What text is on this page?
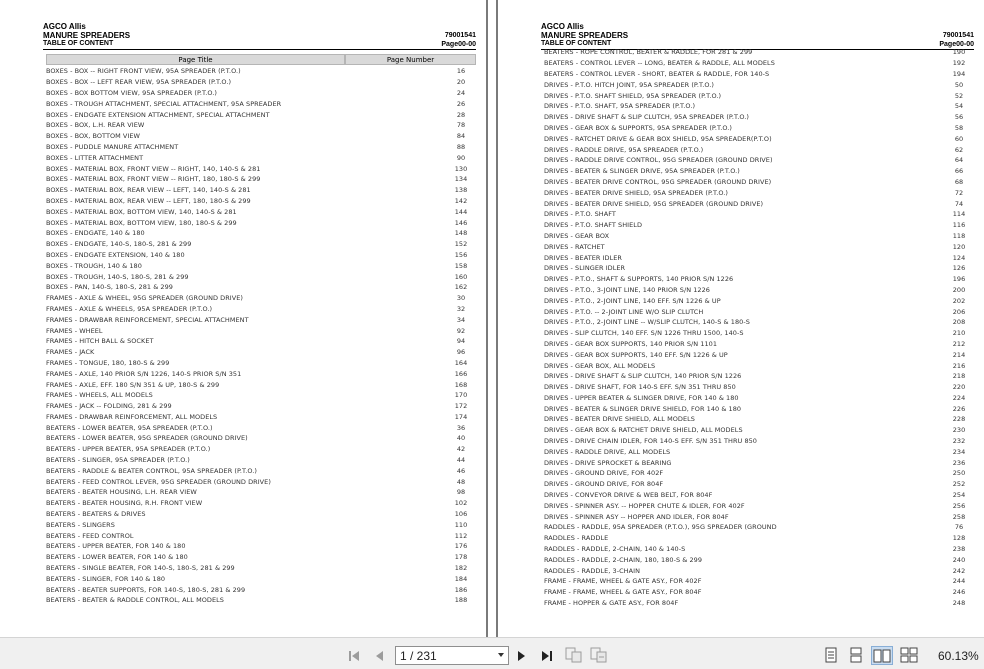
AGCO Allis
MANURE SPREADERS
TABLE OF CONTENT
79001541
Page00-00
Page Title	Page Number
BOXES - BOX -- RIGHT FRONT VIEW, 95A SPREADER (P.T.O.)	16
BOXES - BOX -- LEFT REAR VIEW, 95A SPREADER (P.T.O.)	20
BOXES - BOX BOTTOM VIEW, 95A SPREADER (P.T.O.)	24
BOXES - TROUGH ATTACHMENT, SPECIAL ATTACHMENT, 95A SPREADER	26
BOXES - ENDGATE EXTENSION ATTACHMENT, SPECIAL ATTACHMENT	28
BOXES - BOX, L.H. REAR VIEW	78
BOXES - BOX, BOTTOM VIEW	84
BOXES - PUDDLE MANURE ATTACHMENT	88
BOXES - LITTER ATTACHMENT	90
BOXES - MATERIAL BOX, FRONT VIEW -- RIGHT, 140, 140-S & 281	130
BOXES - MATERIAL BOX, FRONT VIEW -- RIGHT, 180, 180-S & 299	134
BOXES - MATERIAL BOX, REAR VIEW -- LEFT, 140, 140-S & 281	138
BOXES - MATERIAL BOX, REAR VIEW -- LEFT, 180, 180-S & 299	142
BOXES - MATERIAL BOX, BOTTOM VIEW, 140, 140-S & 281	144
BOXES - MATERIAL BOX, BOTTOM VIEW, 180, 180-S & 299	146
BOXES - ENDGATE, 140 & 180	148
BOXES - ENDGATE, 140-S, 180-S, 281 & 299	152
BOXES - ENDGATE EXTENSION, 140 & 180	156
BOXES - TROUGH, 140 & 180	158
BOXES - TROUGH, 140-S, 180-S, 281 & 299	160
BOXES - PAN, 140-S, 180-S, 281 & 299	162
FRAMES - AXLE & WHEEL, 95G SPREADER (GROUND DRIVE)	30
FRAMES - AXLE & WHEELS, 95A SPREADER (P.T.O.)	32
FRAMES - DRAWBAR REINFORCEMENT, SPECIAL ATTACHMENT	34
FRAMES - WHEEL	92
FRAMES - HITCH BALL & SOCKET	94
FRAMES - JACK	96
FRAMES - TONGUE, 180, 180-S & 299	164
FRAMES - AXLE, 140 PRIOR S/N 1226, 140-S PRIOR S/N 351	166
FRAMES - AXLE, EFF. 180 S/N 351 & UP, 180-S & 299	168
FRAMES - WHEELS, ALL MODELS	170
FRAMES - JACK -- FOLDING, 281 & 299	172
FRAMES - DRAWBAR REINFORCEMENT, ALL MODELS	174
BEATERS - LOWER BEATER, 95A SPREADER (P.T.O.)	36
BEATERS - LOWER BEATER, 95G SPREADER (GROUND DRIVE)	40
BEATERS - UPPER BEATER, 95A SPREADER (P.T.O.)	42
BEATERS - SLINGER, 95A SPREADER (P.T.O.)	44
BEATERS - RADDLE & BEATER CONTROL, 95A SPREADER (P.T.O.)	46
BEATERS - FEED CONTROL LEVER, 95G SPREADER (GROUND DRIVE)	48
BEATERS - BEATER HOUSING, L.H. REAR VIEW	98
BEATERS - BEATER HOUSING, R.H. FRONT VIEW	102
BEATERS - BEATERS & DRIVES	106
BEATERS - SLINGERS	110
BEATERS - FEED CONTROL	112
BEATERS - UPPER BEATER, FOR 140 & 180	176
BEATERS - LOWER BEATER, FOR 140 & 180	178
BEATERS - SINGLE BEATER, FOR 140-S, 180-S, 281 & 299	182
BEATERS - SLINGER, FOR 140 & 180	184
BEATERS - BEATER SUPPORTS, FOR 140-S, 180-S, 281 & 299	186
BEATERS - BEATER & RADDLE CONTROL, ALL MODELS	188
AGCO Allis
MANURE SPREADERS
TABLE OF CONTENT
79001541
Page00-00
BEATERS - ROPE CONTROL, BEATER & RADDLE, FOR 281 & 299	190
BEATERS - CONTROL LEVER -- LONG, BEATER & RADDLE, ALL MODELS	192
BEATERS - CONTROL LEVER - SHORT, BEATER & RADDLE, FOR 140-S	194
DRIVES - P.T.O. HITCH JOINT, 95A SPREADER (P.T.O.)	50
DRIVES - P.T.O. SHAFT SHIELD, 95A SPREADER (P.T.O.)	52
DRIVES - P.T.O. SHAFT, 95A SPREADER (P.T.O.)	54
DRIVES - DRIVE SHAFT & SLIP CLUTCH, 95A SPREADER (P.T.O.)	56
DRIVES - GEAR BOX & SUPPORTS, 95A SPREADER (P.T.O.)	58
DRIVES - RATCHET DRIVE & GEAR BOX SHIELD, 95A SPREADER(P.T.O)	60
DRIVES - RADDLE DRIVE, 95A SPREADER (P.T.O.)	62
DRIVES - RADDLE DRIVE CONTROL, 95G SPREADER (GROUND DRIVE)	64
DRIVES - BEATER & SLINGER DRIVE, 95A SPREADER (P.T.O.)	66
DRIVES - BEATER DRIVE CONTROL, 95G SPREADER (GROUND DRIVE)	68
DRIVES - BEATER DRIVE SHIELD, 95A SPREADER (P.T.O.)	72
DRIVES - BEATER DRIVE SHIELD, 95G SPREADER (GROUND DRIVE)	74
DRIVES - P.T.O. SHAFT	114
DRIVES - P.T.O. SHAFT SHIELD	116
DRIVES - GEAR BOX	118
DRIVES - RATCHET	120
DRIVES - BEATER IDLER	124
DRIVES - SLINGER IDLER	126
DRIVES - P.T.O., SHAFT & SUPPORTS, 140 PRIOR S/N 1226	196
DRIVES - P.T.O., 3-JOINT LINE, 140 PRIOR S/N 1226	200
DRIVES - P.T.O., 2-JOINT LINE, 140 EFF. S/N 1226 & UP	202
DRIVES - P.T.O. -- 2-JOINT LINE W/O SLIP CLUTCH	206
DRIVES - P.T.O., 2-JOINT LINE -- W/SLIP CLUTCH, 140-S & 180-S	208
DRIVES - SLIP CLUTCH, 140 EFF. S/N 1226 THRU 1500, 140-S	210
DRIVES - GEAR BOX SUPPORTS, 140 PRIOR S/N 1101	212
DRIVES - GEAR BOX SUPPORTS, 140 EFF. S/N 1226 & UP	214
DRIVES - GEAR BOX, ALL MODELS	216
DRIVES - DRIVE SHAFT & SLIP CLUTCH, 140 PRIOR S/N 1226	218
DRIVES - DRIVE SHAFT, FOR 140-S EFF. S/N 351 THRU 850	220
DRIVES - UPPER BEATER & SLINGER DRIVE, FOR 140 & 180	224
DRIVES - BEATER & SLINGER DRIVE SHIELD, FOR 140 & 180	226
DRIVES - BEATER DRIVE SHIELD, ALL MODELS	228
DRIVES - GEAR BOX & RATCHET DRIVE SHIELD, ALL MODELS	230
DRIVES - DRIVE CHAIN IDLER, FOR 140-S EFF. S/N 351 THRU 850	232
DRIVES - RADDLE DRIVE, ALL MODELS	234
DRIVES - DRIVE SPROCKET & BEARING	236
DRIVES - GROUND DRIVE, FOR 402F	250
DRIVES - GROUND DRIVE, FOR 804F	252
DRIVES - CONVEYOR DRIVE & WEB BELT, FOR 804F	254
DRIVES - SPINNER ASY. -- HOPPER CHUTE & IDLER, FOR 402F	256
DRIVES - SPINNER ASY -- HOPPER AND IDLER, FOR 804F	258
RADDLES - RADDLE, 95A SPREADER (P.T.O.), 95G SPREADER (GROUND	76
RADDLES - RADDLE	128
RADDLES - RADDLE, 2-CHAIN, 140 & 140-S	238
RADDLES - RADDLE, 2-CHAIN, 180, 180-S & 299	240
RADDLES - RADDLE, 3-CHAIN	242
FRAME - FRAME, WHEEL & GATE ASY., FOR 402F	244
FRAME - FRAME, WHEEL & GATE ASY., FOR 804F	246
FRAME - HOPPER & GATE ASY., FOR 804F	248
1 / 231	60.13%
